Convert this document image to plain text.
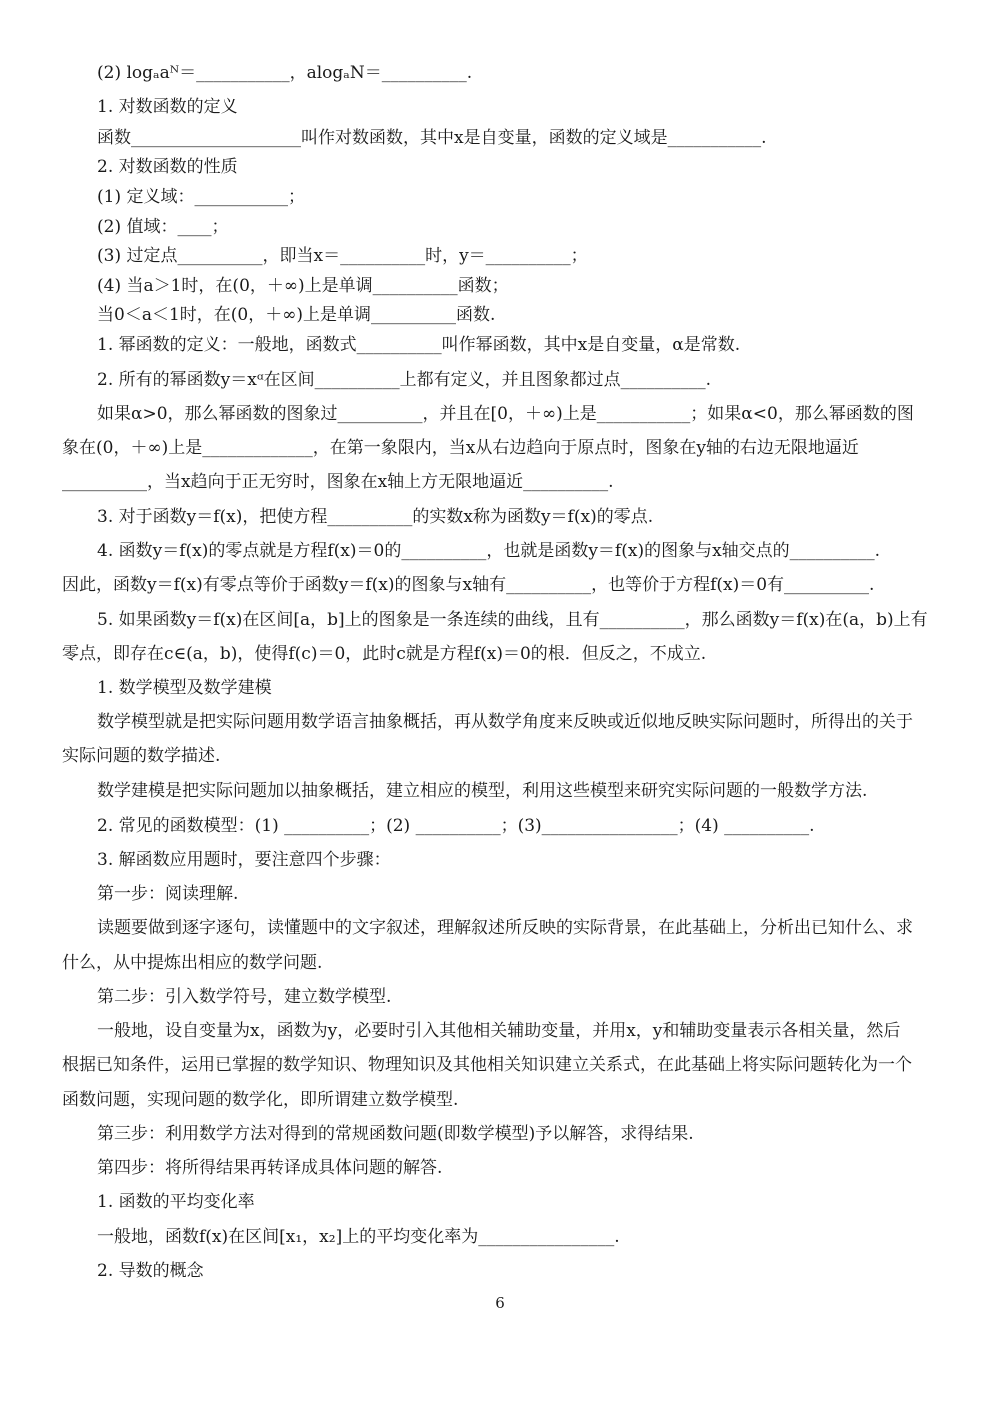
(2) logₐaᴺ＝___________，alogₐN＝__________.
1. 对数函数的定义
函数____________________叫作对数函数，其中x是自变量，函数的定义域是___________.
2. 对数函数的性质
(1) 定义域：___________；
(2) 值域：____；
(3) 过定点__________，即当x＝__________时，y＝__________；
(4) 当a＞1时，在(0，＋∞)上是单调__________函数；
当0＜a＜1时，在(0，＋∞)上是单调__________函数.
1. 幂函数的定义：一般地，函数式__________叫作幂函数，其中x是自变量，α是常数.
2. 所有的幂函数y＝xᵅ在区间__________上都有定义，并且图象都过点__________.
如果α>0，那么幂函数的图象过__________，并且在[0，＋∞)上是___________；如果α<0，那么幂函数的图
象在(0，＋∞)上是_____________，在第一象限内，当x从右边趋向于原点时，图象在y轴的右边无限地逼近
__________，当x趋向于正无穷时，图象在x轴上方无限地逼近__________.
3. 对于函数y＝f(x)，把使方程__________的实数x称为函数y＝f(x)的零点.
4. 函数y＝f(x)的零点就是方程f(x)＝0的__________，也就是函数y＝f(x)的图象与x轴交点的__________.
因此，函数y＝f(x)有零点等价于函数y＝f(x)的图象与x轴有__________，也等价于方程f(x)＝0有__________.
5. 如果函数y＝f(x)在区间[a，b]上的图象是一条连续的曲线，且有__________，那么函数y＝f(x)在(a，b)上有
零点，即存在c∈(a，b)，使得f(c)＝0，此时c就是方程f(x)＝0的根．但反之，不成立.
1. 数学模型及数学建模
数学模型就是把实际问题用数学语言抽象概括，再从数学角度来反映或近似地反映实际问题时，所得出的关于
实际问题的数学描述.
数学建模是把实际问题加以抽象概括，建立相应的模型，利用这些模型来研究实际问题的一般数学方法.
2. 常见的函数模型：(1) __________；(2) __________；(3)________________；(4) __________.
3. 解函数应用题时，要注意四个步骤：
第一步：阅读理解.
读题要做到逐字逐句，读懂题中的文字叙述，理解叙述所反映的实际背景，在此基础上，分析出已知什么、求
什么，从中提炼出相应的数学问题.
第二步：引入数学符号，建立数学模型.
一般地，设自变量为x，函数为y，必要时引入其他相关辅助变量，并用x，y和辅助变量表示各相关量，然后
根据已知条件，运用已掌握的数学知识、物理知识及其他相关知识建立关系式，在此基础上将实际问题转化为一个
函数问题，实现问题的数学化，即所谓建立数学模型.
第三步：利用数学方法对得到的常规函数问题(即数学模型)予以解答，求得结果.
第四步：将所得结果再转译成具体问题的解答.
1. 函数的平均变化率
一般地，函数f(x)在区间[x₁，x₂]上的平均变化率为________________.
2. 导数的概念
6
